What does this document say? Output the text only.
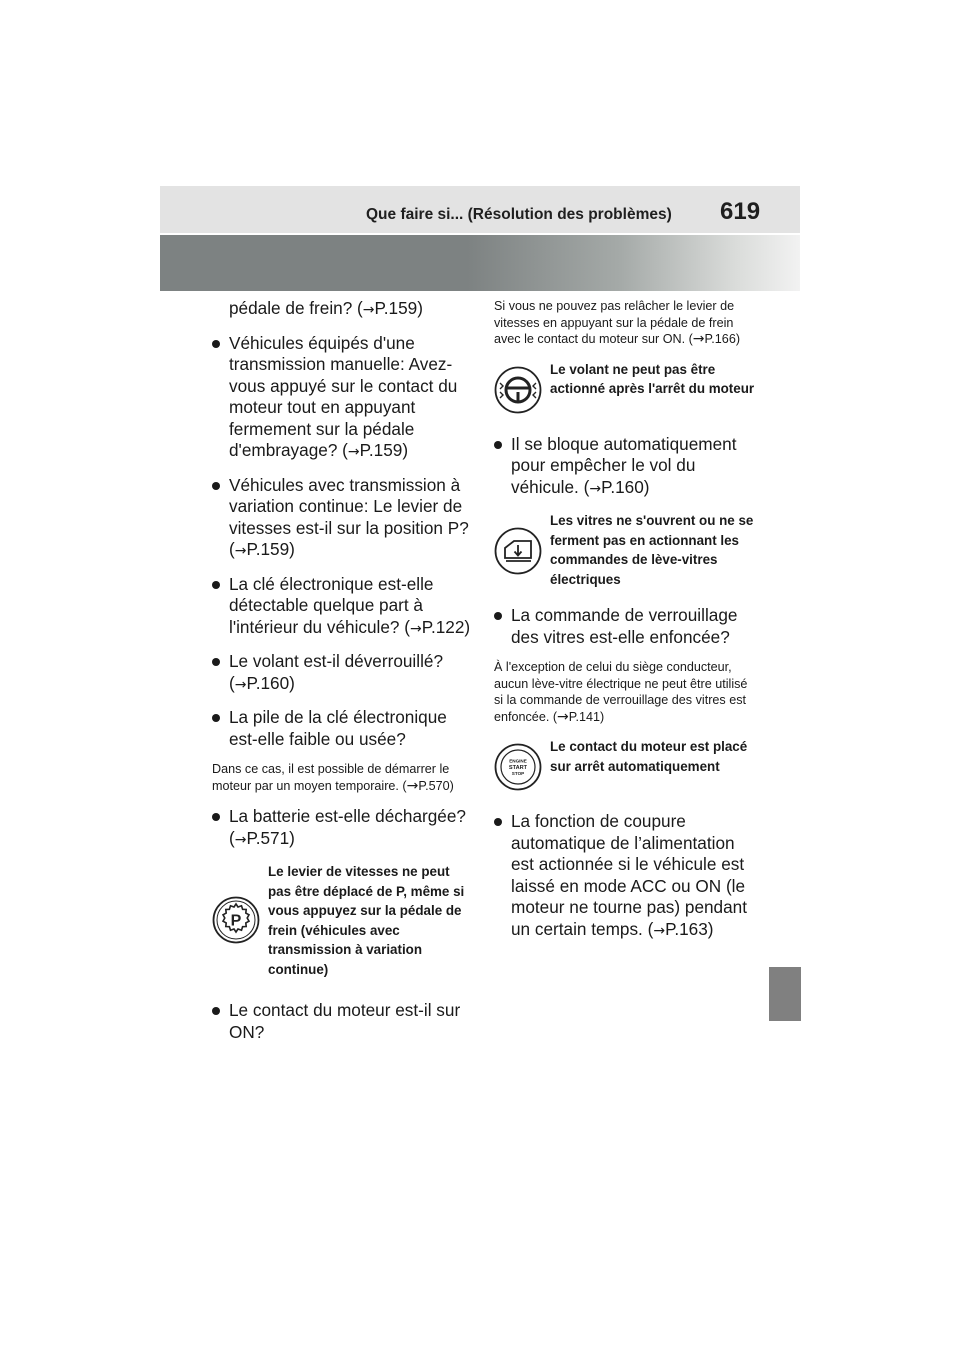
Que faire si... (Résolution des problèmes) 619

pédale de frein? (→P.159)

Véhicules équipés d'une transmission manuelle: Avez-vous appuyé sur le contact du moteur tout en appuyant fermement sur la pédale d'embrayage? (→P.159)

Véhicules avec transmission à variation continue: Le levier de vitesses est-il sur la position P? (→P.159)

La clé électronique est-elle détectable quelque part à l'intérieur du véhicule? (→P.122)

Le volant est-il déverrouillé? (→P.160)

La pile de la clé électronique est-elle faible ou usée?

Dans ce cas, il est possible de démarrer le moteur par un moyen temporaire. (→P.570)

La batterie est-elle déchargée? (→P.571)

P
Le levier de vitesses ne peut pas être déplacé de P, même si vous appuyez sur la pédale de frein (véhicules avec transmission à variation continue)

Le contact du moteur est-il sur ON?

Si vous ne pouvez pas relâcher le levier de vitesses en appuyant sur la pédale de frein avec le contact du moteur sur ON. (→P.166)

Le volant ne peut pas être actionné après l'arrêt du moteur

Il se bloque automatiquement pour empêcher le vol du véhicule. (→P.160)

Les vitres ne s'ouvrent ou ne se ferment pas en actionnant les commandes de lève-vitres électriques

La commande de verrouillage des vitres est-elle enfoncée?

À l'exception de celui du siège conducteur, aucun lève-vitre électrique ne peut être utilisé si la commande de verrouillage des vitres est enfoncée. (→P.141)

ENGINE
START
STOP
Le contact du moteur est placé sur arrêt automatiquement

La fonction de coupure automatique de l’alimentation est actionnée si le véhicule est laissé en mode ACC ou ON (le moteur ne tourne pas) pendant un certain temps. (→P.163)
